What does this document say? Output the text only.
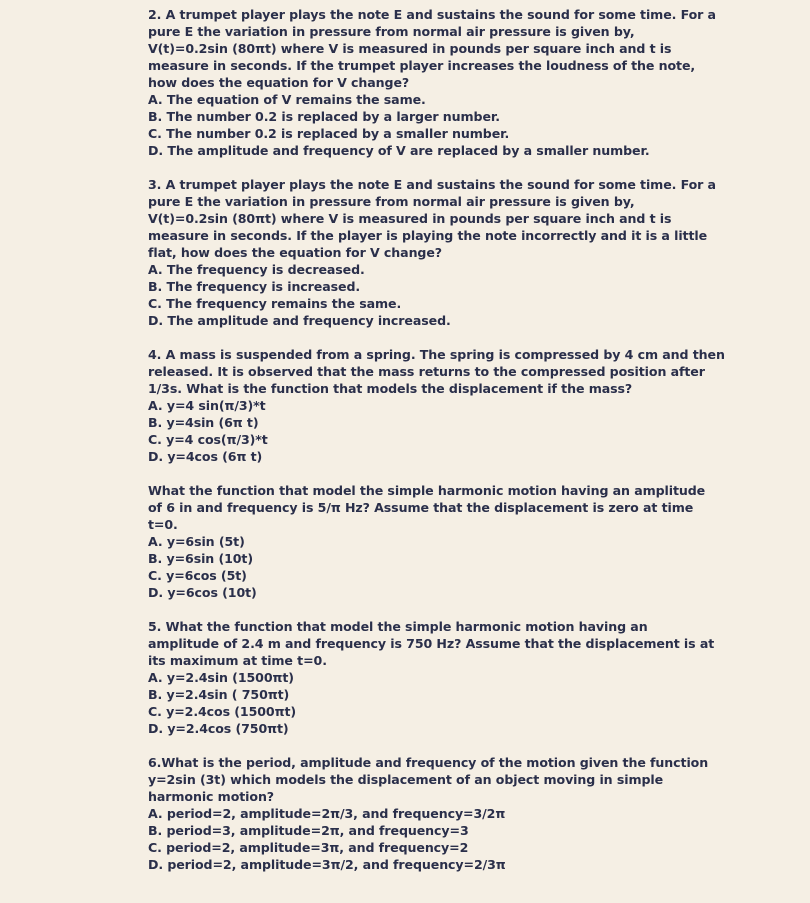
2. A trumpet player plays the note E and sustains the sound for some time. For a
pure E the variation in pressure from normal air pressure is given by,
V(t)=0.2sin (80πt) where V is measured in pounds per square inch and t is
measure in seconds. If the trumpet player increases the loudness of the note,
how does the equation for V change?
A. The equation of V remains the same.
B. The number 0.2 is replaced by a larger number.
C. The number 0.2 is replaced by a smaller number.
D. The amplitude and frequency of V are replaced by a smaller number.
3. A trumpet player plays the note E and sustains the sound for some time. For a
pure E the variation in pressure from normal air pressure is given by,
V(t)=0.2sin (80πt) where V is measured in pounds per square inch and t is
measure in seconds. If the player is playing the note incorrectly and it is a little
flat, how does the equation for V change?
A. The frequency is decreased.
B. The frequency is increased.
C. The frequency remains the same.
D. The amplitude and frequency increased.
4. A mass is suspended from a spring. The spring is compressed by 4 cm and then
released. It is observed that the mass returns to the compressed position after
1/3s. What is the function that models the displacement if the mass?
A. y=4 sin(π/3)*t
B. y=4sin (6π t)
C. y=4 cos(π/3)*t
D. y=4cos (6π t)
What the function that model the simple harmonic motion having an amplitude
of 6 in and frequency is 5/π Hz? Assume that the displacement is zero at time
t=0.
A. y=6sin (5t)
B. y=6sin (10t)
C. y=6cos (5t)
D. y=6cos (10t)
5. What the function that model the simple harmonic motion having an
amplitude of 2.4 m and frequency is 750 Hz? Assume that the displacement is at
its maximum at time t=0.
A. y=2.4sin (1500πt)
B. y=2.4sin ( 750πt)
C. y=2.4cos (1500πt)
D. y=2.4cos (750πt)
6.What is the period, amplitude and frequency of the motion given the function
y=2sin (3t) which models the displacement of an object moving in simple
harmonic motion?
A. period=2, amplitude=2π/3, and frequency=3/2π
B. period=3, amplitude=2π, and frequency=3
C. period=2, amplitude=3π, and frequency=2
D. period=2, amplitude=3π/2, and frequency=2/3π
